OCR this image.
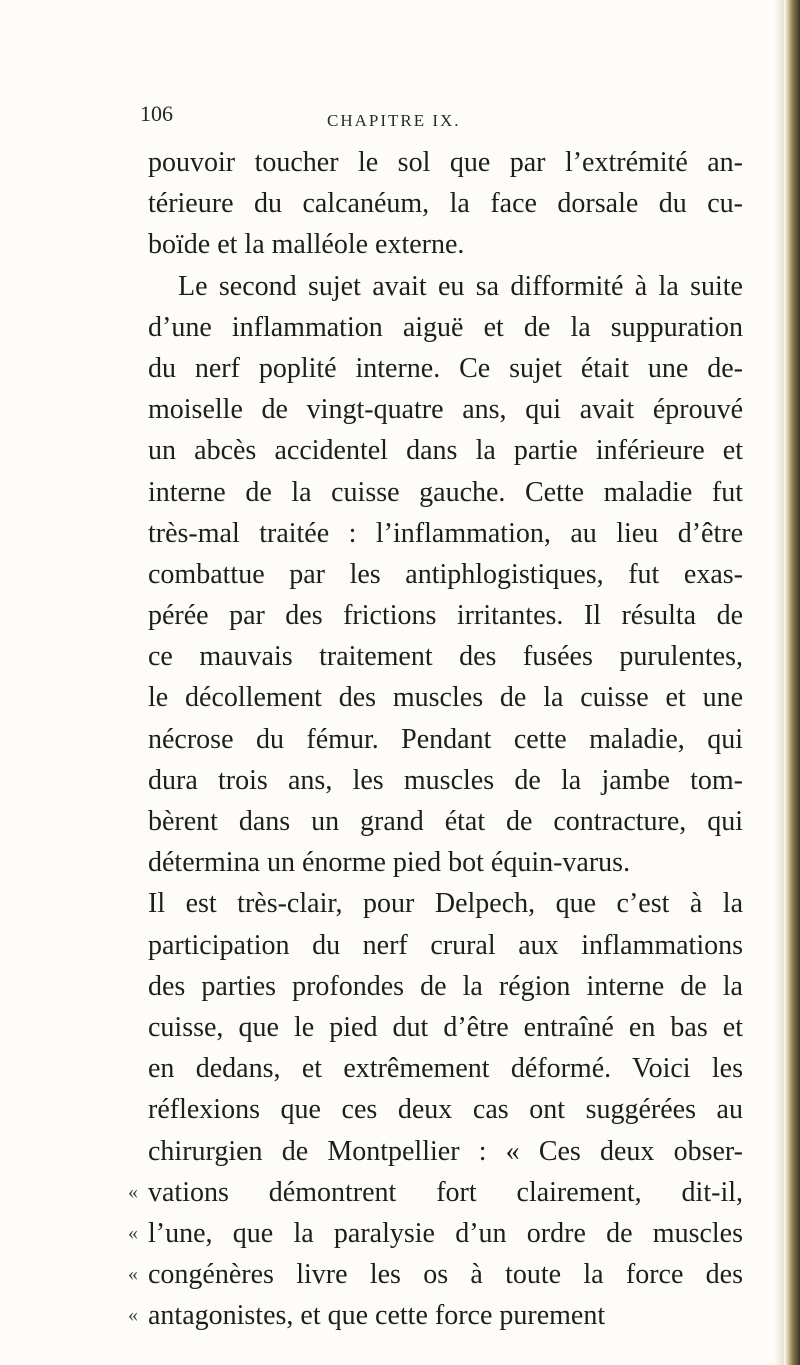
106	CHAPITRE IX.
pouvoir toucher le sol que par l’extrémité an-
térieure du calcanéum, la face dorsale du cu-
boïde et la malléole externe.
Le second sujet avait eu sa difformité à la suite
d’une inflammation aiguë et de la suppuration
du nerf poplité interne. Ce sujet était une de-
moiselle de vingt-quatre ans, qui avait éprouvé
un abcès accidentel dans la partie inférieure et
interne de la cuisse gauche. Cette maladie fut
très-mal traitée : l’inflammation, au lieu d’être
combattue par les antiphlogistiques, fut exas-
pérée par des frictions irritantes. Il résulta de
ce mauvais traitement des fusées purulentes,
le décollement des muscles de la cuisse et une
nécrose du fémur. Pendant cette maladie, qui
dura trois ans, les muscles de la jambe tom-
bèrent dans un grand état de contracture, qui
détermina un énorme pied bot équin-varus.
Il est très-clair, pour Delpech, que c’est à la
participation du nerf crural aux inflammations
des parties profondes de la région interne de la
cuisse, que le pied dut d’être entraîné en bas et
en dedans, et extrêmement déformé. Voici les
réflexions que ces deux cas ont suggérées au
chirurgien de Montpellier : « Ces deux obser-
« vations démontrent fort clairement, dit-il,
« l’une, que la paralysie d’un ordre de muscles
« congénères livre les os à toute la force des
« antagonistes, et que cette force purement
